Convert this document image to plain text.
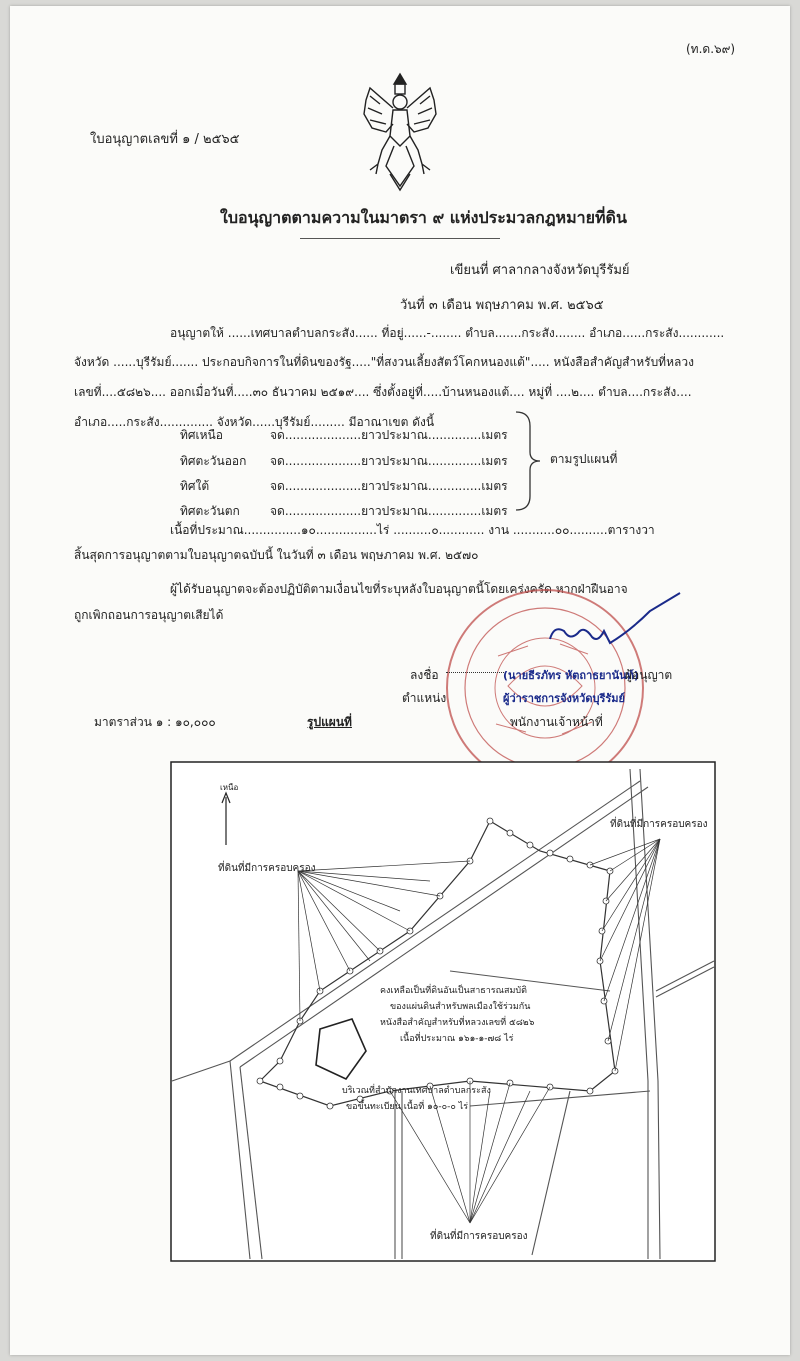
(ท.ด.๖๙)
ใบอนุญาตเลขที่ ๑ / ๒๕๖๕
ใบอนุญาตตามความในมาตรา ๙ แห่งประมวลกฎหมายที่ดิน
เขียนที่ ศาลากลางจังหวัดบุรีรัมย์
วันที่ ๓ เดือน พฤษภาคม พ.ศ. ๒๕๖๕
อนุญาตให้ ......เทศบาลตำบลกระสัง...... ที่อยู่......-........ ตำบล.......กระสัง........ อำเภอ......กระสัง............
จังหวัด ......บุรีรัมย์....... ประกอบกิจการในที่ดินของรัฐ....."ที่สงวนเลี้ยงสัตว์โคกหนองแต้"..... หนังสือสำคัญสำหรับที่หลวง
เลขที่....๕๘๒๖.... ออกเมื่อวันที่.....๓๐ ธันวาคม ๒๕๑๙.... ซึ่งตั้งอยู่ที่.....บ้านหนองแต้.... หมู่ที่ ....๒.... ตำบล....กระสัง....
อำเภอ.....กระสัง.............. จังหวัด......บุรีรัมย์......... มีอาณาเขต ดังนี้
ทิศเหนือ	จด....................ยาวประมาณ..............เมตร
ทิศตะวันออก จด....................ยาวประมาณ..............เมตร
ทิศใต้	จด....................ยาวประมาณ..............เมตร
ทิศตะวันตก	จด....................ยาวประมาณ..............เมตร
ตามรูปแผนที่
เนื้อที่ประมาณ...............๑๐................ไร่ ..........๐............ งาน ...........๐๐..........ตารางวา
สิ้นสุดการอนุญาตตามใบอนุญาตฉบับนี้ ในวันที่ ๓ เดือน พฤษภาคม พ.ศ. ๒๕๗๐
ผู้ได้รับอนุญาตจะต้องปฏิบัติตามเงื่อนไขที่ระบุหลังใบอนุญาตนี้โดยเคร่งครัด หากฝ่าฝืนอาจ
ถูกเพิกถอนการอนุญาตเสียได้
ลงชื่อ	(นายธีรภัทร หัตถาธยานันท์)
ผู้อนุญาต
ตำแหน่ง	ผู้ว่าราชการจังหวัดบุรีรัมย์
พนักงานเจ้าหน้าที่
มาตราส่วน ๑ : ๑๐,๐๐๐	รูปแผนที่
เหนือ
ที่ดินที่มีการครอบครอง
ที่ดินที่มีการครอบครอง
ที่ดินที่มีการครอบครอง
คงเหลือเป็นที่ดินอันเป็นสาธารณสมบัติ
ของแผ่นดินสำหรับพลเมืองใช้ร่วมกัน
หนังสือสำคัญสำหรับที่หลวงเลขที่ ๕๘๒๖
เนื้อที่ประมาณ ๑๖๑-๑-๗๘ ไร่
บริเวณที่สำนักงานเทศบาลตำบลกระสัง
ขอขึ้นทะเบียน เนื้อที่ ๑๐-๐-๐ ไร่
